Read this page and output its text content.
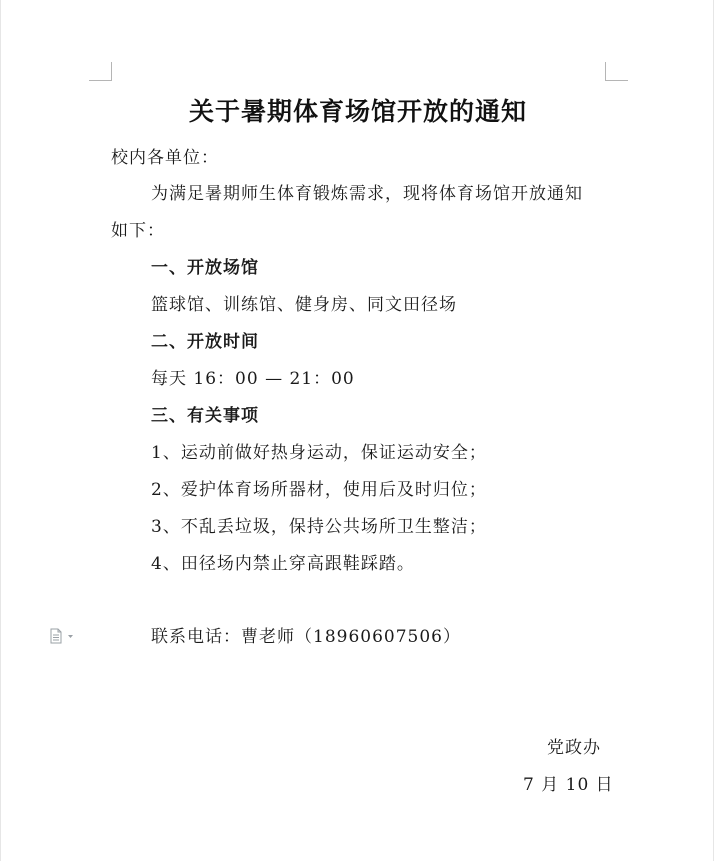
关于暑期体育场馆开放的通知
校内各单位：
为满足暑期师生体育锻炼需求，现将体育场馆开放通知
如下：
一、开放场馆
篮球馆、训练馆、健身房、同文田径场
二、开放时间
每天 16：00 — 21：00
三、有关事项
1、运动前做好热身运动，保证运动安全；
2、爱护体育场所器材，使用后及时归位；
3、不乱丢垃圾，保持公共场所卫生整洁；
4、田径场内禁止穿高跟鞋踩踏。
联系电话：曹老师（18960607506）
党政办
7 月 10 日
